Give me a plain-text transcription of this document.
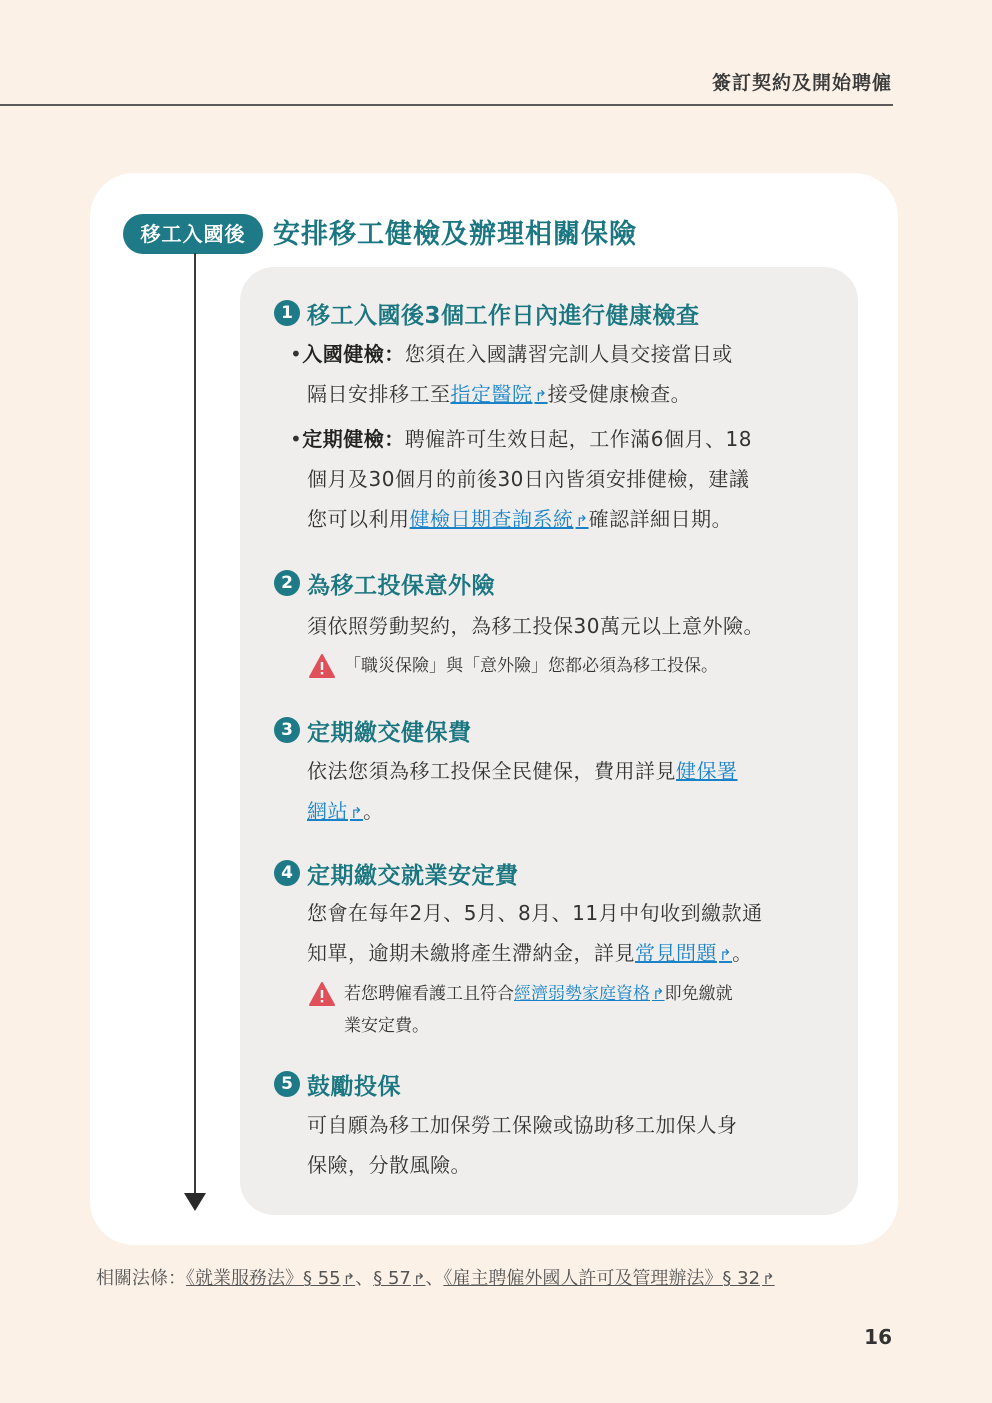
簽訂契約及開始聘僱
移工入國後	安排移工健檢及辦理相關保險
1 移工入國後3個工作日內進行健康檢查
•入國健檢：您須在入國講習完訓人員交接當日或
隔日安排移工至指定醫院 ↱接受健康檢查。
•定期健檢：聘僱許可生效日起，工作滿6個月、18
個月及30個月的前後30日內皆須安排健檢，建議
您可以利用健檢日期查詢系統 ↱確認詳細日期。
2 為移工投保意外險
須依照勞動契約，為移工投保30萬元以上意外險。
「職災保險」與「意外險」您都必須為移工投保。
3 定期繳交健保費
依法您須為移工投保全民健保，費用詳見健保署
網站 ↱。
4 定期繳交就業安定費
您會在每年2月、5月、8月、11月中旬收到繳款通
知單，逾期未繳將產生滯納金，詳見常見問題 ↱。
若您聘僱看護工且符合經濟弱勢家庭資格 ↱即免繳就
業安定費。
5 鼓勵投保
可自願為移工加保勞工保險或協助移工加保人身
保險，分散風險。
相關法條：《就業服務法》§ 55 ↱、§ 57 ↱、《雇主聘僱外國人許可及管理辦法》§ 32 ↱
16
